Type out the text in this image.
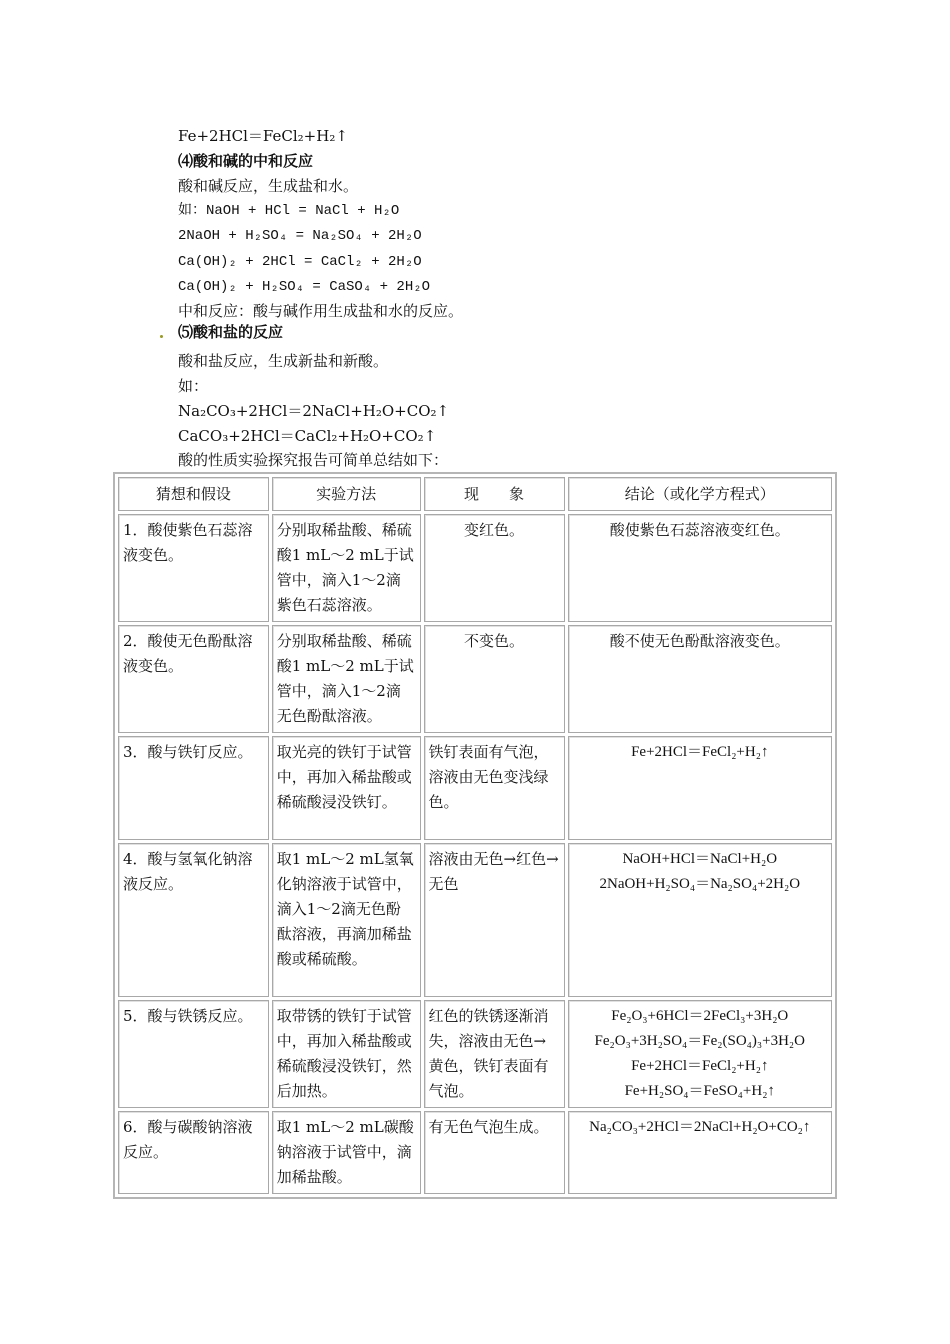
Fe+2HCl＝FeCl₂+H₂↑
⑷酸和碱的中和反应
酸和碱反应，生成盐和水。
如：NaOH + HCl = NaCl + H₂O
2NaOH + H₂SO₄ = Na₂SO₄ + 2H₂O
Ca(OH)₂ + 2HCl = CaCl₂ + 2H₂O
Ca(OH)₂ + H₂SO₄ = CaSO₄ + 2H₂O
中和反应：酸与碱作用生成盐和水的反应。
⑸酸和盐的反应
酸和盐反应，生成新盐和新酸。
如：
Na₂CO₃+2HCl＝2NaCl+H₂O+CO₂↑
CaCO₃+2HCl＝CaCl₂+H₂O+CO₂↑
酸的性质实验探究报告可简单总结如下：
猜想和假设	实验方法	现　　象	结论（或化学方程式）
1．酸使紫色石蕊溶液变色。	分别取稀盐酸、稀硫酸1 mL～2 mL于试管中，滴入1～2滴紫色石蕊溶液。	变红色。	酸使紫色石蕊溶液变红色。

2．酸使无色酚酞溶液变色。	分别取稀盐酸、稀硫酸1 mL～2 mL于试管中，滴入1～2滴无色酚酞溶液。	不变色。	酸不使无色酚酞溶液变色。

3．酸与铁钉反应。	取光亮的铁钉于试管中，再加入稀盐酸或稀硫酸浸没铁钉。	铁钉表面有气泡，溶液由无色变浅绿色。	Fe+2HCl＝FeCl₂+H₂↑

4．酸与氢氧化钠溶液反应。	取1 mL～2 mL氢氧化钠溶液于试管中，滴入1～2滴无色酚酞溶液，再滴加稀盐酸或稀硫酸。	溶液由无色→红色→无色	NaOH+HCl＝NaCl+H₂O
2NaOH+H₂SO₄＝Na₂SO₄+2H₂O

5．酸与铁锈反应。	取带锈的铁钉于试管中，再加入稀盐酸或稀硫酸浸没铁钉，然后加热。	红色的铁锈逐渐消失，溶液由无色→黄色，铁钉表面有气泡。	Fe₂O₃+6HCl＝2FeCl₃+3H₂O
Fe₂O₃+3H₂SO₄＝Fe₂(SO₄)₃+3H₂O
Fe+2HCl＝FeCl₂+H₂↑
Fe+H₂SO₄＝FeSO₄+H₂↑

6．酸与碳酸钠溶液反应。	取1 mL～2 mL碳酸钠溶液于试管中，滴加稀盐酸。	有无色气泡生成。	Na₂CO₃+2HCl＝2NaCl+H₂O+CO₂↑
